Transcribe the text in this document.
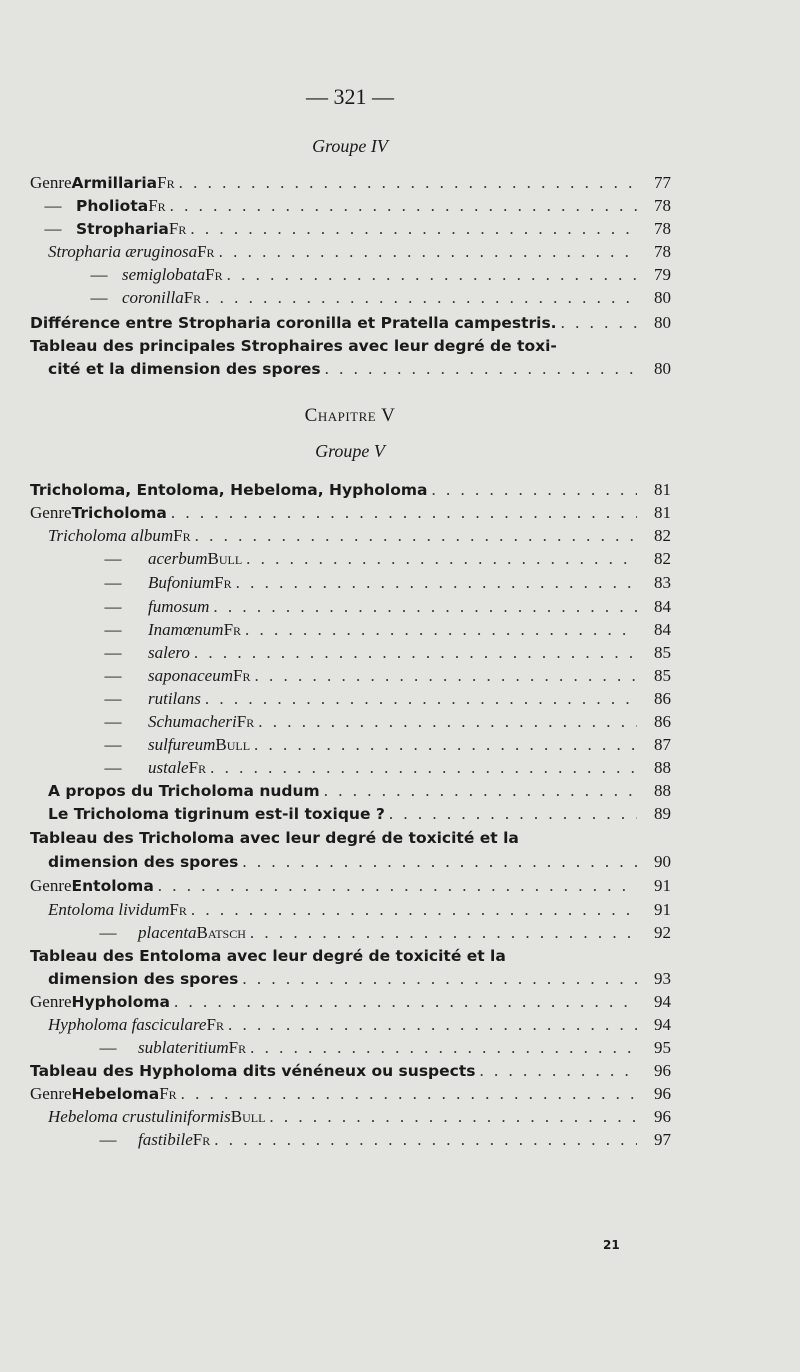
— 321 —
Groupe IV
Genre Armillaria Fr . . .	77
— Pholiota Fr . . .	78
— Stropharia Fr . . .	78
Stropharia æruginosa Fr . . .	78
— semiglobata Fr . . .	79
— coronilla Fr . . .	80
Différence entre Stropharia coronilla et Pratella campestris. . . .	80
Tableau des principales Strophaires avec leur degré de toxi-
cité et la dimension des spores . . .	80
Chapitre V
Groupe V
Tricholoma, Entoloma, Hebeloma, Hypholoma . . .	81
Genre Tricholoma . . .	81
Tricholoma album Fr . . .	82
—	acerbum Bull . . .	82
—	Bufonium Fr . . .	83
—	fumosum . . .	84
—	Inamœnum Fr . . .	84
—	salero . . .	85
—	saponaceum Fr . . .	85
—	rutilans . . .	86
—	Schumacheri Fr . . .	86
—	sulfureum Bull . . .	87
—	ustale Fr . . .	88
A propos du Tricholoma nudum . . .	88
Le Tricholoma tigrinum est-il toxique ? . . .	89
Tableau des Tricholoma avec leur degré de toxicité et la
dimension des spores . . .	90
Genre Entoloma . . .	91
Entoloma lividum Fr . . .	91
—	placenta Batsch . . .	92
Tableau des Entoloma avec leur degré de toxicité et la
dimension des spores . . .	93
Genre Hypholoma . . .	94
Hypholoma fasciculare Fr . . .	94
—	sublateritium Fr . . .	95
Tableau des Hypholoma dits vénéneux ou suspects . . .	96
Genre Hebeloma Fr . . .	96
Hebeloma crustuliniformis Bull . . .	96
—	fastibile Fr . . .	97
21
